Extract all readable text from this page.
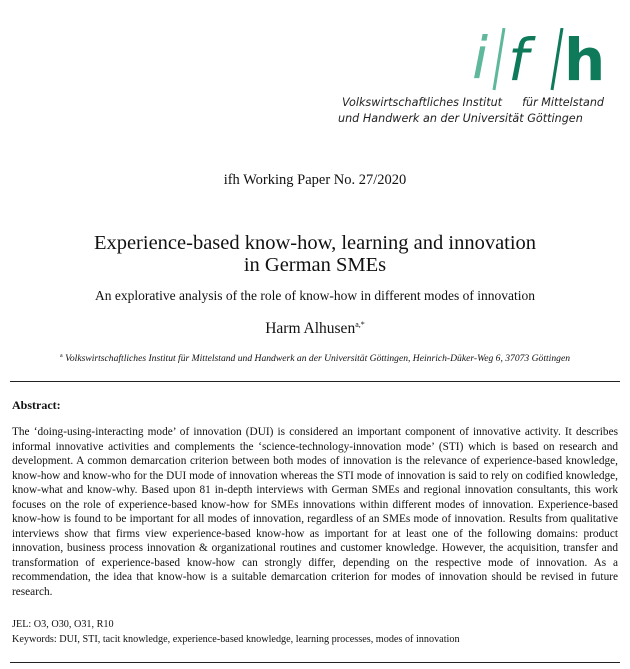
i f h
Volkswirtschaftliches Institut für Mittelstand
und Handwerk an der Universität Göttingen
ifh Working Paper No. 27/2020
Experience-based know-how, learning and innovation
in German SMEs
An explorative analysis of the role of know-how in different modes of innovation
Harm Alhusen$^{a,*}$
$^a$ Volkswirtschaftliches Institut für Mittelstand und Handwerk an der Universität Göttingen, Heinrich-Düker-Weg 6, 37073 Göttingen
Abstract:
The ‘doing-using-interacting mode’ of innovation (DUI) is considered an important component of innovative activity. It describes informal innovative activities and complements the ‘science-technology-innovation mode’ (STI) which is based on research and development. A common demarcation criterion between both modes of innovation is the relevance of experience-based knowledge, know-how and know-who for the DUI mode of innovation whereas the STI mode of innovation is said to rely on codified knowledge, know-what and know-why. Based upon 81 in-depth interviews with German SMEs and regional innovation consultants, this work focuses on the role of experience-based know-how for SMEs innovations within different modes of innovation. Experience-based know-how is found to be important for all modes of innovation, regardless of an SMEs mode of innovation. Results from qualitative interviews show that firms view experience-based know-how as important for at least one of the following domains: product innovation, business process innovation & organizational routines and customer knowledge. However, the acquisition, transfer and transformation of experience-based know-how can strongly differ, depending on the respective mode of innovation. As a recommendation, the idea that know-how is a suitable demarcation criterion for modes of innovation should be revised in future research.
JEL: O3, O30, O31, R10
Keywords: DUI, STI, tacit knowledge, experience-based knowledge, learning processes, modes of innovation
